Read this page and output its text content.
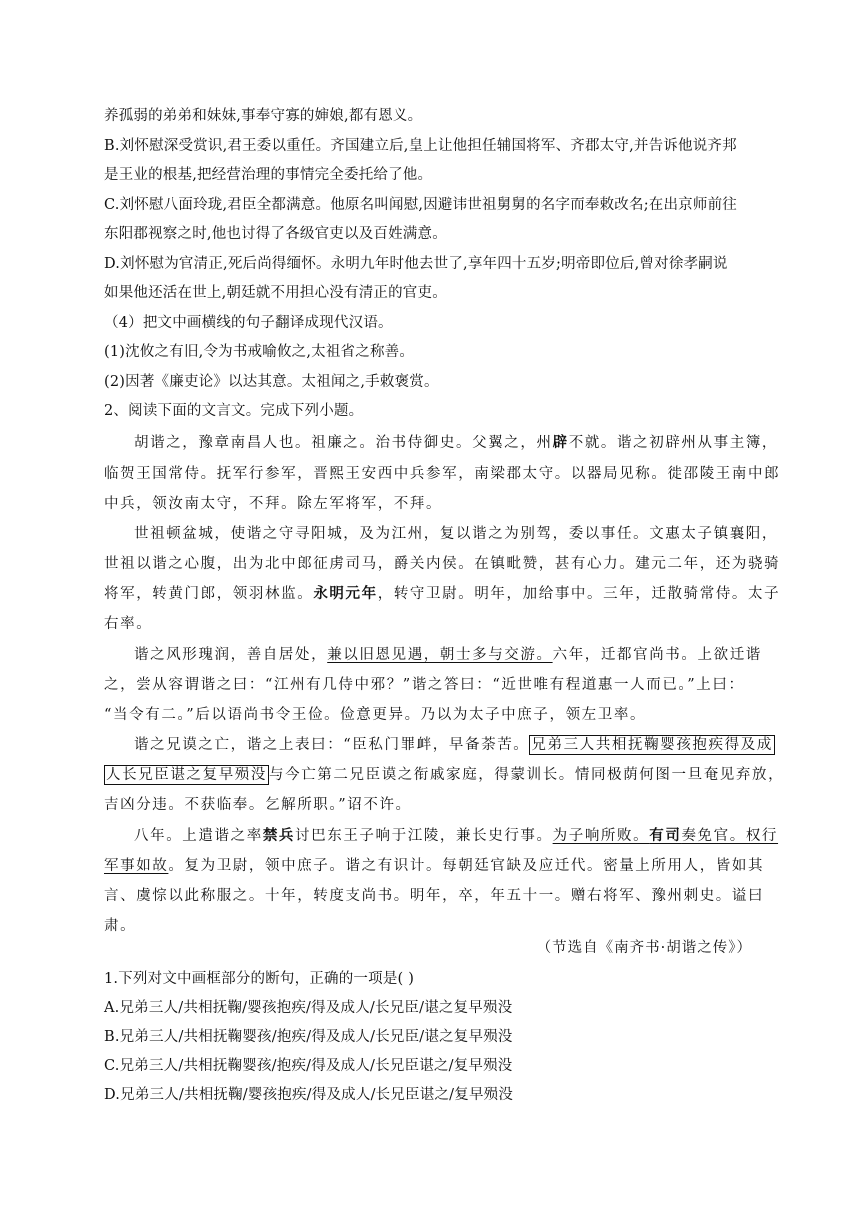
养孤弱的弟弟和妹妹,事奉守寡的婶娘,都有恩义。
B.刘怀慰深受赏识,君王委以重任。齐国建立后,皇上让他担任辅国将军、齐郡太守,并告诉他说齐邦
是王业的根基,把经营治理的事情完全委托给了他。
C.刘怀慰八面玲珑,君臣全都满意。他原名叫闻慰,因避讳世祖舅舅的名字而奉敕改名;在出京师前往
东阳郡视察之时,他也讨得了各级官吏以及百姓满意。
D.刘怀慰为官清正,死后尚得缅怀。永明九年时他去世了,享年四十五岁;明帝即位后,曾对徐孝嗣说
如果他还活在世上,朝廷就不用担心没有清正的官吏。
（4）把文中画横线的句子翻译成现代汉语。
(1)沈攸之有旧,令为书戒喻攸之,太祖省之称善。
(2)因著《廉吏论》以达其意。太祖闻之,手敕褒赏。
2、阅读下面的文言文。完成下列小题。
胡谐之，豫章南昌人也。祖廉之。治书侍御史。父翼之，州辟不就。谐之初辟州从事主簿，
临贺王国常侍。抚军行参军，晋熙王安西中兵参军，南梁郡太守。以器局见称。徙邵陵王南中郎
中兵，领汝南太守，不拜。除左军将军，不拜。
世祖顿盆城，使谐之守寻阳城，及为江州，复以谐之为别驾，委以事任。文惠太子镇襄阳，
世祖以谐之心腹，出为北中郎征虏司马，爵关内侯。在镇毗赞，甚有心力。建元二年，还为骁骑
将军，转黄门郎，领羽林监。永明元年，转守卫尉。明年，加给事中。三年，迁散骑常侍。太子
右率。
谐之风形瑰润，善自居处，兼以旧恩见遇，朝士多与交游。六年，迁都官尚书。上欲迁谐
之，尝从容谓谐之曰：“江州有几侍中邪？”谐之答曰：“近世唯有程道惠一人而已。”上曰：
“当令有二。”后以语尚书令王俭。俭意更异。乃以为太子中庶子，领左卫率。
谐之兄谟之亡，谐之上表曰：“臣私门罪衅，早备荼苦。 兄弟三人共相抚鞠婴孩抱疾得及成
人长兄臣谌之复早殒没 与今亡第二兄臣谟之衔戚家庭，得蒙训长。情同极荫何图一旦奄见弃放，
吉凶分违。不获临奉。乞解所职。”诏不许。
八年。上遣谐之率禁兵讨巴东王子响于江陵，兼长史行事。为子响所败。有司奏免官。权行
军事如故。复为卫尉，领中庶子。谐之有识计。每朝廷官缺及应迁代。密量上所用人，皆如其
言、虞悰以此称服之。十年，转度支尚书。明年，卒，年五十一。赠右将军、豫州刺史。谥曰
肃。
（节选自《南齐书·胡谐之传》）
1.下列对文中画框部分的断句，正确的一项是( )
A.兄弟三人/共相抚鞠/婴孩抱疾/得及成人/长兄臣/谌之复早殒没
B.兄弟三人/共相抚鞠婴孩/抱疾/得及成人/长兄臣/谌之复早殒没
C.兄弟三人/共相抚鞠婴孩/抱疾/得及成人/长兄臣谌之/复早殒没
D.兄弟三人/共相抚鞠/婴孩抱疾/得及成人/长兄臣谌之/复早殒没
